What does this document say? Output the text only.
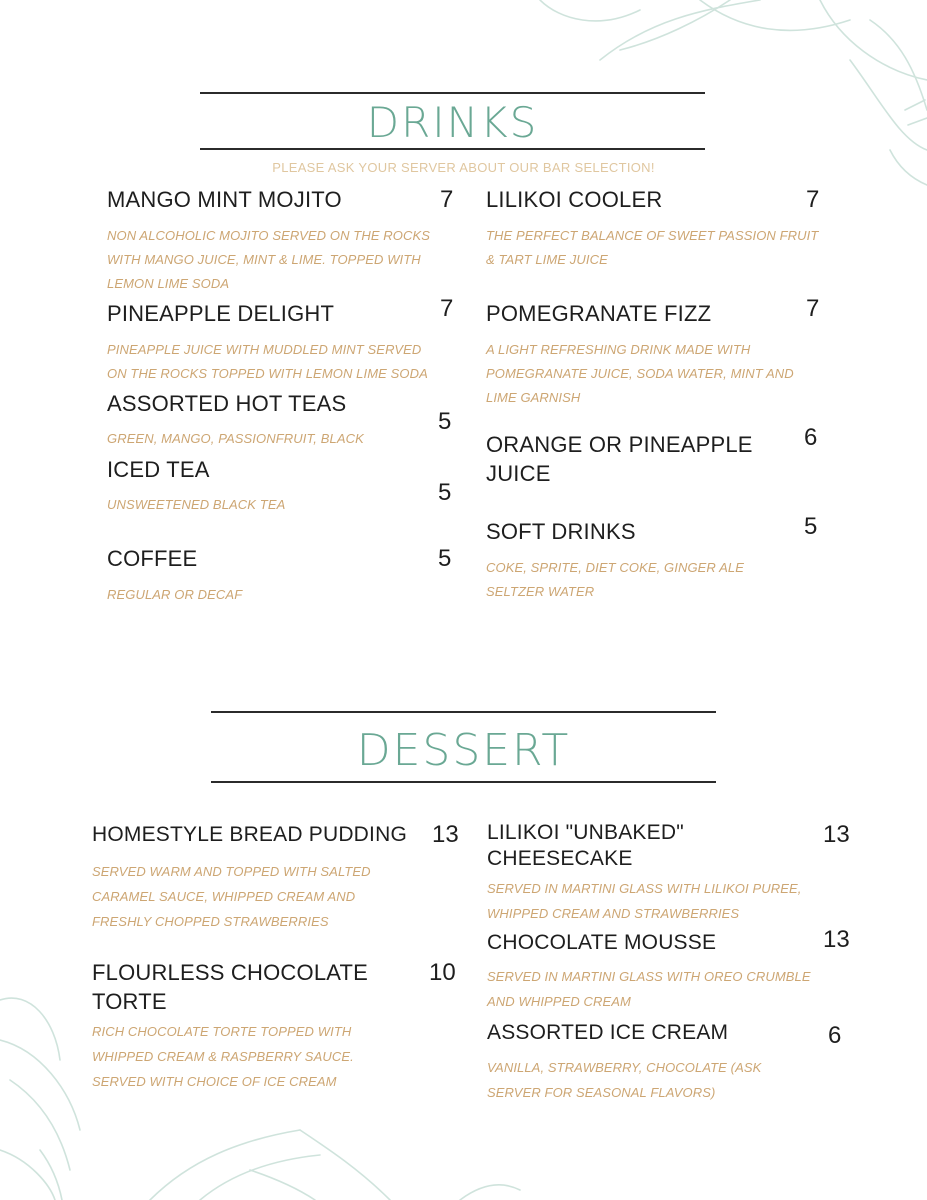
DRINKS
PLEASE ASK YOUR SERVER ABOUT OUR BAR SELECTION!
MANGO MINT MOJITO	7
NON ALCOHOLIC MOJITO SERVED ON THE ROCKS WITH MANGO JUICE, MINT & LIME. TOPPED WITH LEMON LIME SODA
PINEAPPLE DELIGHT	7
PINEAPPLE JUICE WITH MUDDLED MINT SERVED ON THE ROCKS TOPPED WITH LEMON LIME SODA
ASSORTED HOT TEAS
5
GREEN, MANGO, PASSIONFRUIT, BLACK
ICED TEA
5
UNSWEETENED BLACK TEA
COFFEE	5
REGULAR OR DECAF
LILIKOI COOLER	7
THE PERFECT BALANCE OF SWEET PASSION FRUIT & TART LIME JUICE
POMEGRANATE FIZZ	7
A LIGHT REFRESHING DRINK MADE WITH POMEGRANATE JUICE, SODA WATER, MINT AND LIME GARNISH
ORANGE OR PINEAPPLE JUICE
6
SOFT DRINKS	5
COKE, SPRITE, DIET COKE, GINGER ALE SELTZER WATER
DESSERT
HOMESTYLE BREAD PUDDING 13
SERVED WARM AND TOPPED WITH SALTED CARAMEL SAUCE, WHIPPED CREAM AND FRESHLY CHOPPED STRAWBERRIES
FLOURLESS CHOCOLATE TORTE
10
RICH CHOCOLATE TORTE TOPPED WITH WHIPPED CREAM & RASPBERRY SAUCE. SERVED WITH CHOICE OF ICE CREAM
LILIKOI "UNBAKED" CHEESECAKE
13
SERVED IN MARTINI GLASS WITH LILIKOI PUREE, WHIPPED CREAM AND STRAWBERRIES
CHOCOLATE MOUSSE	13
SERVED IN MARTINI GLASS WITH OREO CRUMBLE AND WHIPPED CREAM
ASSORTED ICE CREAM	6
VANILLA, STRAWBERRY, CHOCOLATE (ASK SERVER FOR SEASONAL FLAVORS)
